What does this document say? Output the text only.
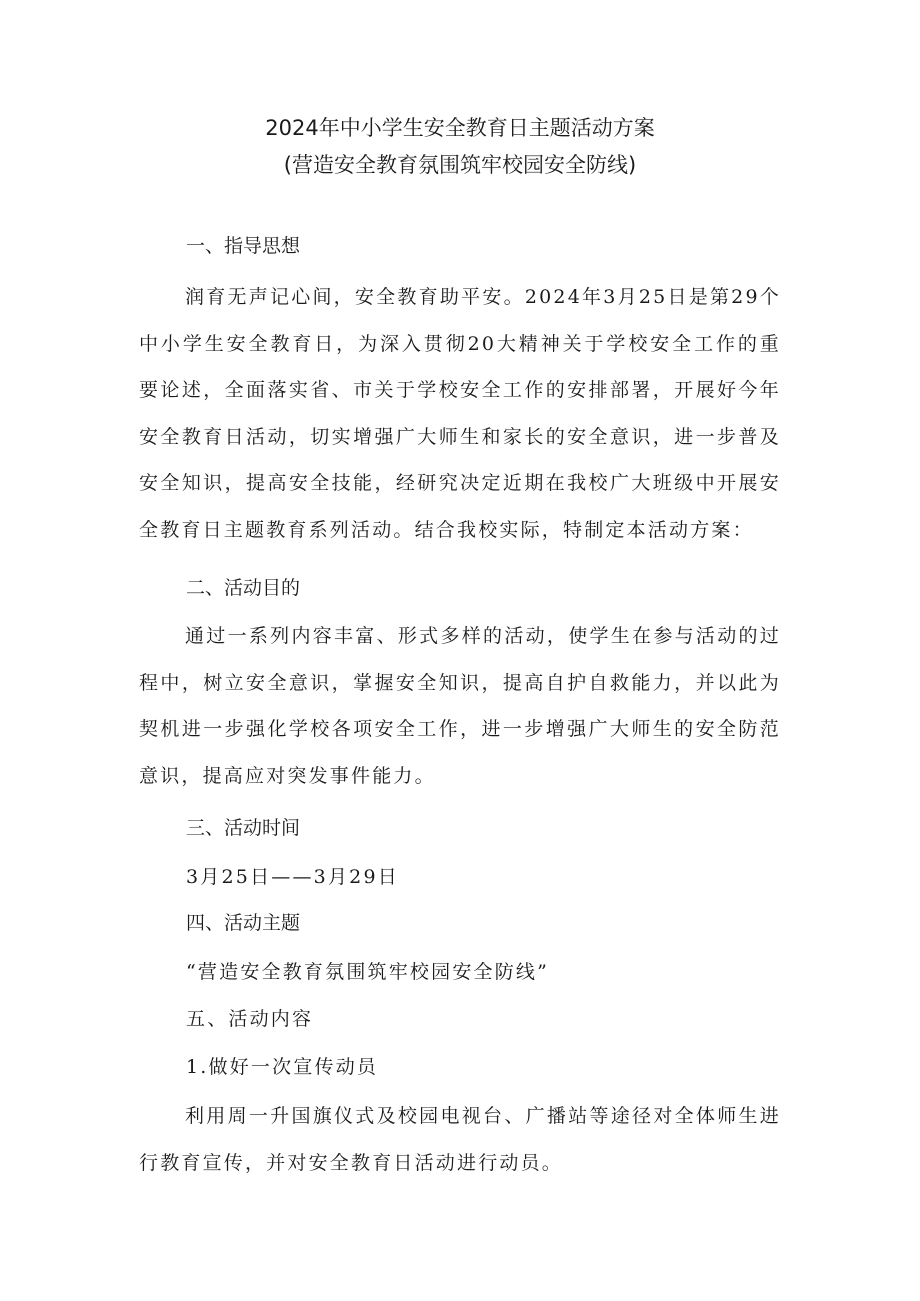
2024年中小学生安全教育日主题活动方案
(营造安全教育氛围筑牢校园安全防线)
一、指导思想

润育无声记心间，安全教育助平安。2024年3月25日是第29个中小学生安全教育日，为深入贯彻20大精神关于学校安全工作的重要论述，全面落实省、市关于学校安全工作的安排部署，开展好今年安全教育日活动，切实增强广大师生和家长的安全意识，进一步普及安全知识，提高安全技能，经研究决定近期在我校广大班级中开展安全教育日主题教育系列活动。结合我校实际，特制定本活动方案：

二、活动目的

通过一系列内容丰富、形式多样的活动，使学生在参与活动的过程中，树立安全意识，掌握安全知识，提高自护自救能力，并以此为契机进一步强化学校各项安全工作，进一步增强广大师生的安全防范意识，提高应对突发事件能力。

三、活动时间
3月25日——3月29日
四、活动主题
“营造安全教育氛围筑牢校园安全防线”
五、活动内容
1.做好一次宣传动员

利用周一升国旗仪式及校园电视台、广播站等途径对全体师生进行教育宣传，并对安全教育日活动进行动员。
